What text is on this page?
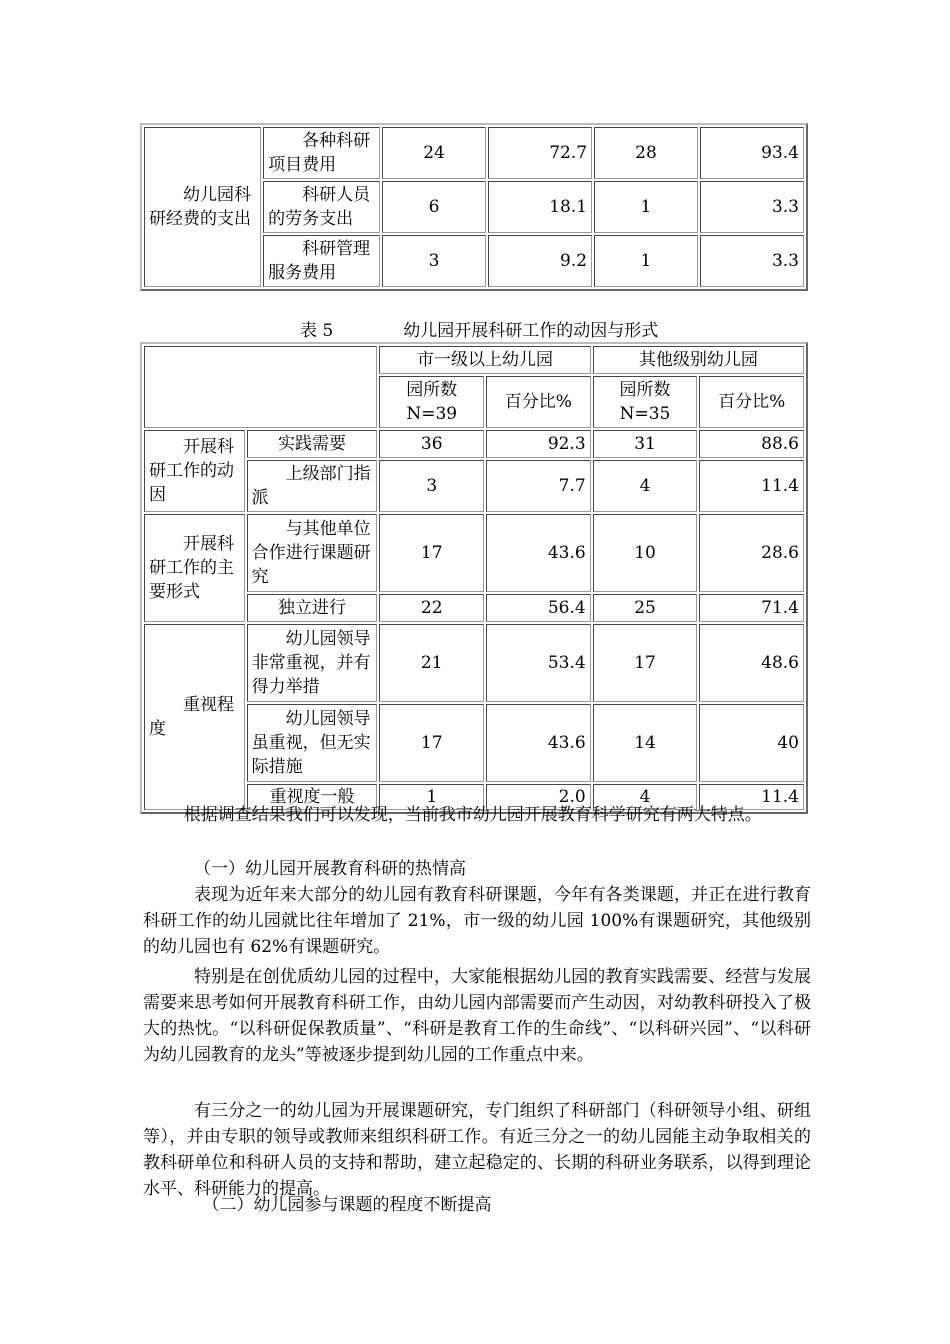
幼儿园科研经费的支出	各种科研项目费用	24	72.7	28	93.4
	科研人员的劳务支出	6	18.1	1	3.3
	科研管理服务费用	3	9.2	1	3.3
表 5	幼儿园开展科研工作的动因与形式
		市一级以上幼儿园		其他级别幼儿园	
		园所数N=39	百分比%	园所数N=35	百分比%
开展科研工作的动因	实践需要	36	92.3	31	88.6
	上级部门指派	3	7.7	4	11.4
开展科研工作的主要形式	与其他单位合作进行课题研究	17	43.6	10	28.6
	独立进行	22	56.4	25	71.4
重视程度	幼儿园领导非常重视，并有得力举措	21	53.4	17	48.6
	幼儿园领导虽重视，但无实际措施	17	43.6	14	40
	重视度一般	1	2.0	4	11.4

根据调查结果我们可以发现，当前我市幼儿园开展教育科学研究有两大特点。

（一）幼儿园开展教育科研的热情高

表现为近年来大部分的幼儿园有教育科研课题，今年有各类课题，并正在进行教育科研工作的幼儿园就比往年增加了 21%，市一级的幼儿园 100%有课题研究，其他级别的幼儿园也有 62%有课题研究。

特别是在创优质幼儿园的过程中，大家能根据幼儿园的教育实践需要、经营与发展需要来思考如何开展教育科研工作，由幼儿园内部需要而产生动因，对幼教科研投入了极大的热忱。“以科研促保教质量”、“科研是教育工作的生命线”、“以科研兴园”、“以科研为幼儿园教育的龙头”等被逐步提到幼儿园的工作重点中来。

有三分之一的幼儿园为开展课题研究，专门组织了科研部门（科研领导小组、研组等），并由专职的领导或教师来组织科研工作。有近三分之一的幼儿园能主动争取相关的教科研单位和科研人员的支持和帮助，建立起稳定的、长期的科研业务联系，以得到理论水平、科研能力的提高。

（二）幼儿园参与课题的程度不断提高
